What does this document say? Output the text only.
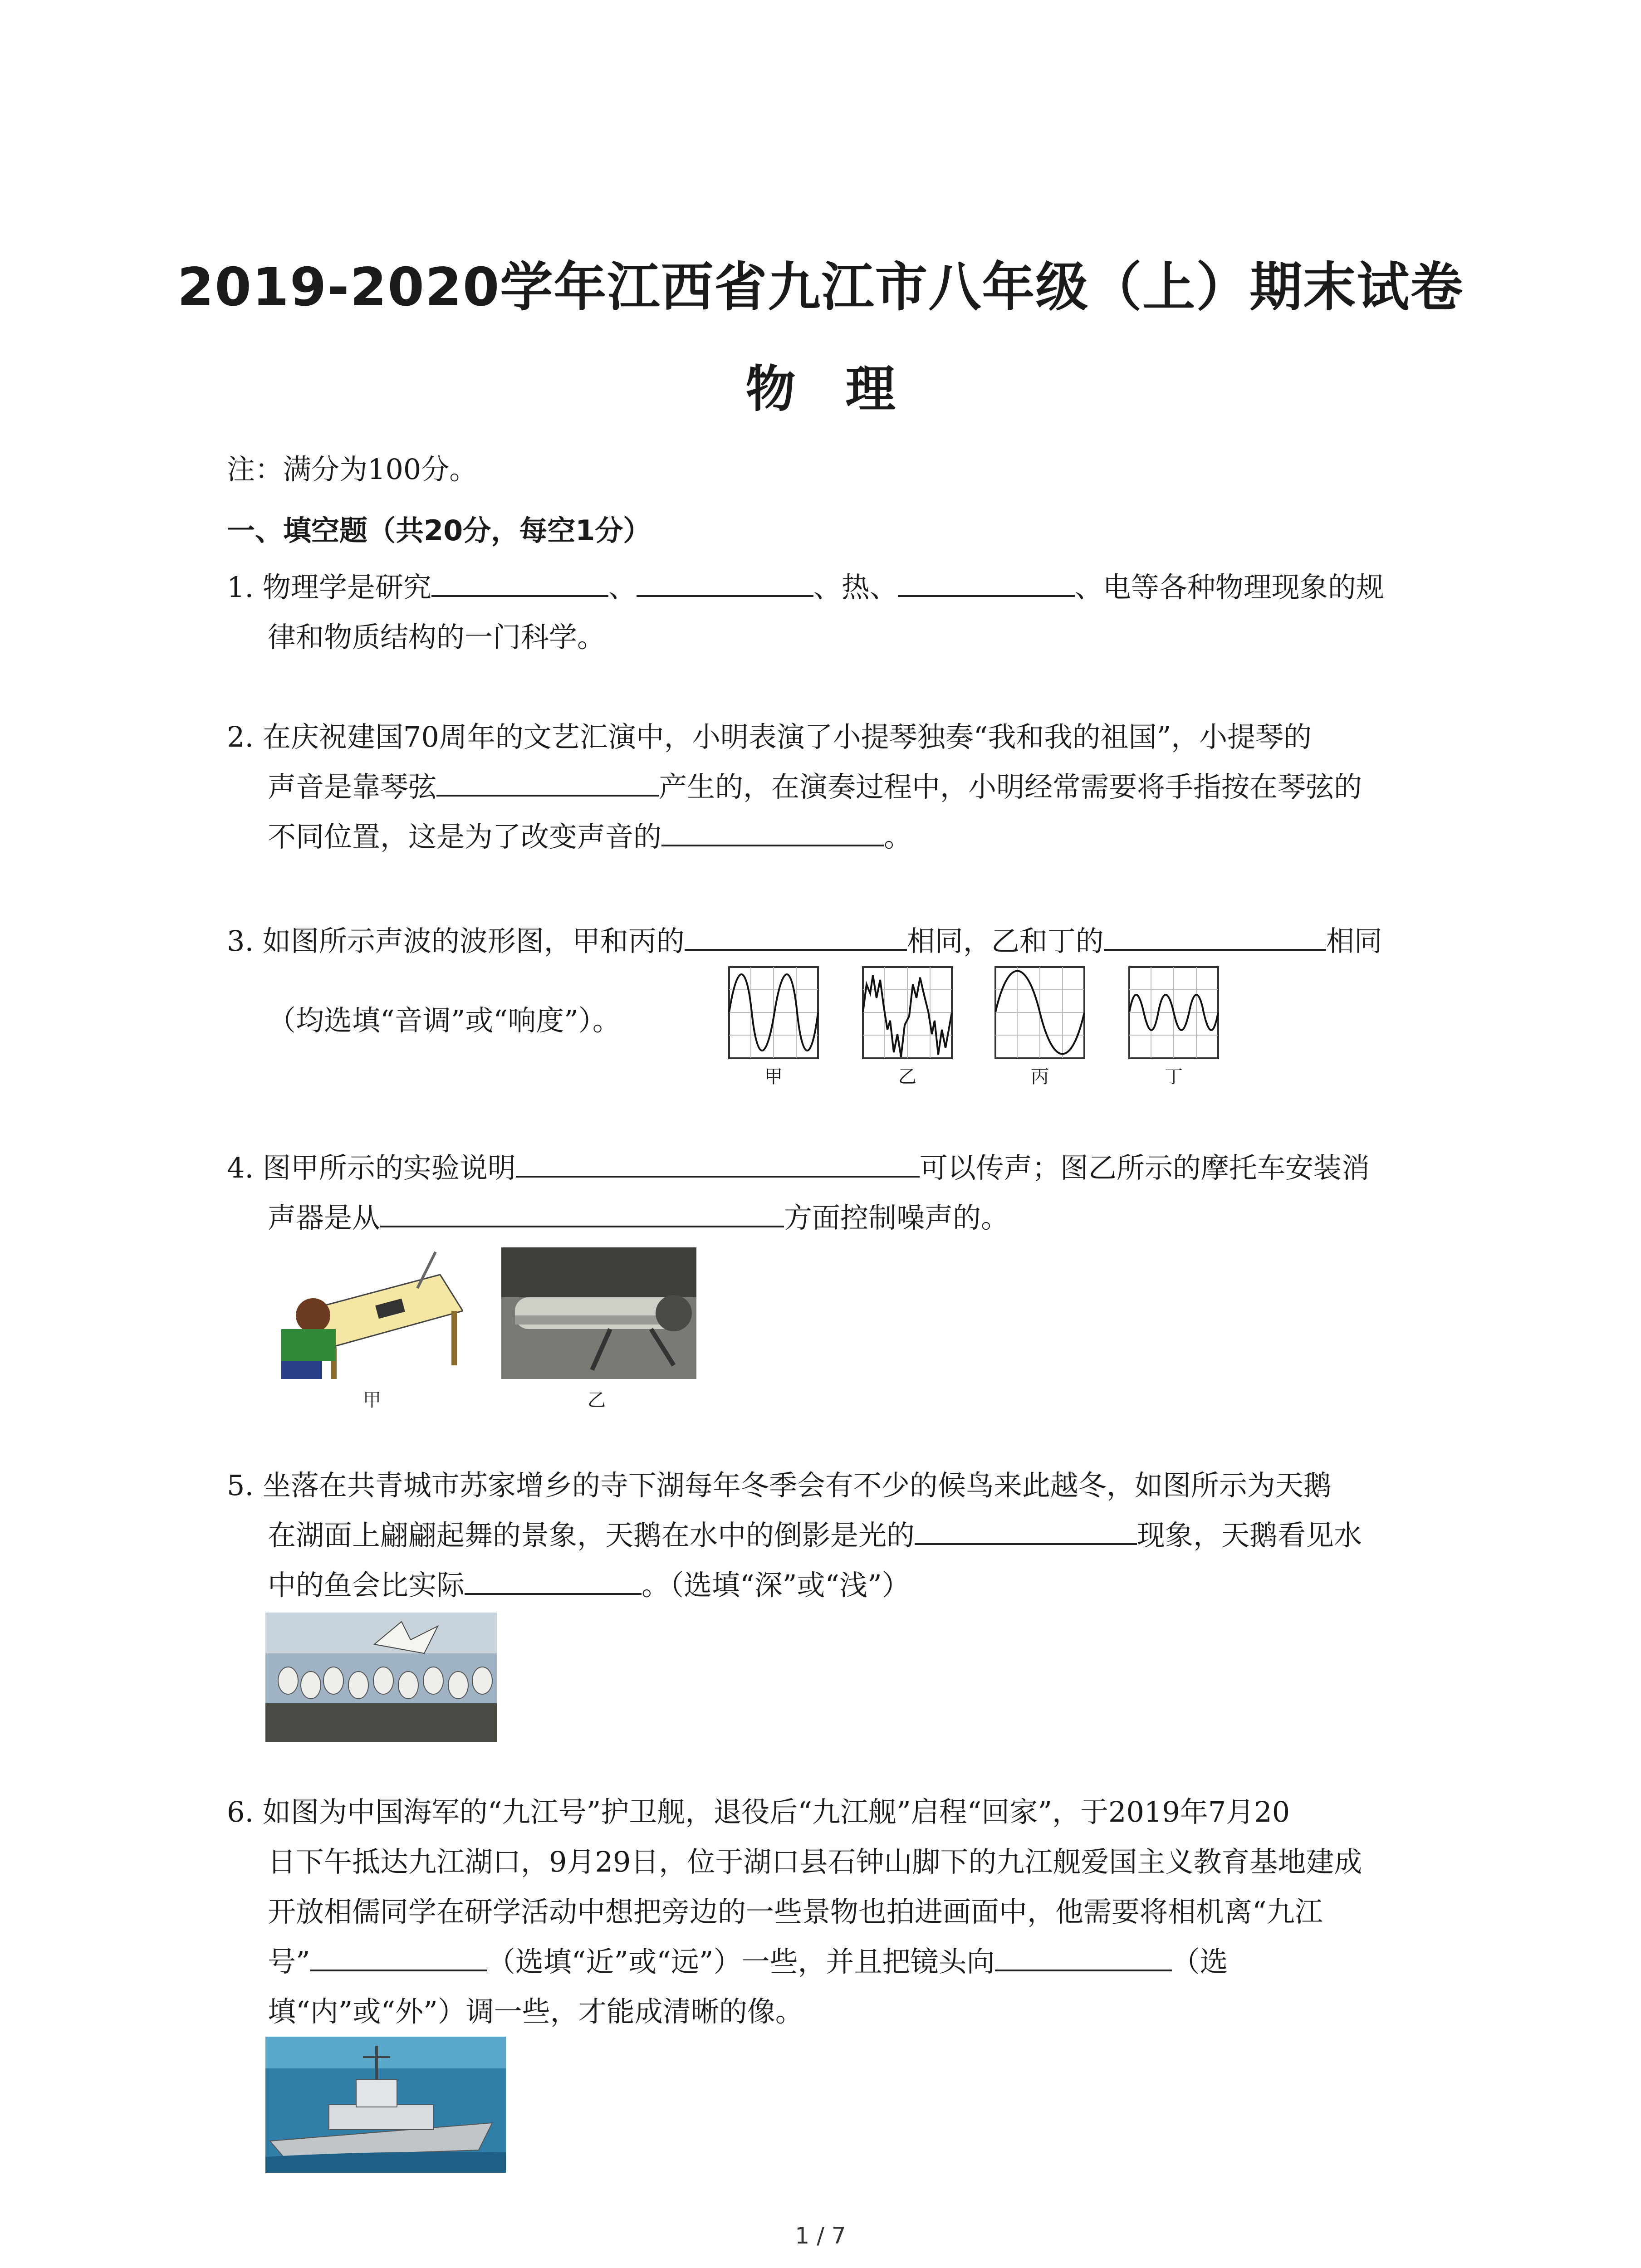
2019-2020学年江西省九江市八年级（上）期末试卷
物理
注：满分为100分。
一、填空题（共20分，每空1分）
1. 物理学是研究	、	、热、	、电等各种物理现象的规
律和物质结构的一门科学。
2. 在庆祝建国70周年的文艺汇演中，小明表演了小提琴独奏“我和我的祖国”，小提琴的
声音是靠琴弦	产生的，在演奏过程中，小明经常需要将手指按在琴弦的
不同位置，这是为了改变声音的	。
3. 如图所示声波的波形图，甲和丙的	相同，乙和丁的	相同
（均选填“音调”或“响度”）。
甲	乙	丙	丁
4. 图甲所示的实验说明	可以传声；图乙所示的摩托车安装消
声器是从	方面控制噪声的。
甲	乙
5. 坐落在共青城市苏家增乡的寺下湖每年冬季会有不少的候鸟来此越冬，如图所示为天鹅
在湖面上翩翩起舞的景象，天鹅在水中的倒影是光的	现象，天鹅看见水
中的鱼会比实际	。（选填“深”或“浅”）
6. 如图为中国海军的“九江号”护卫舰，退役后“九江舰”启程“回家”，于2019年7月20
日下午抵达九江湖口，9月29日，位于湖口县石钟山脚下的九江舰爱国主义教育基地建成
开放相儒同学在研学活动中想把旁边的一些景物也拍进画面中，他需要将相机离“九江
号”	（选填“近”或“远”）一些，并且把镜头向	（选
填“内”或“外”）调一些，才能成清晰的像。
1 / 7
